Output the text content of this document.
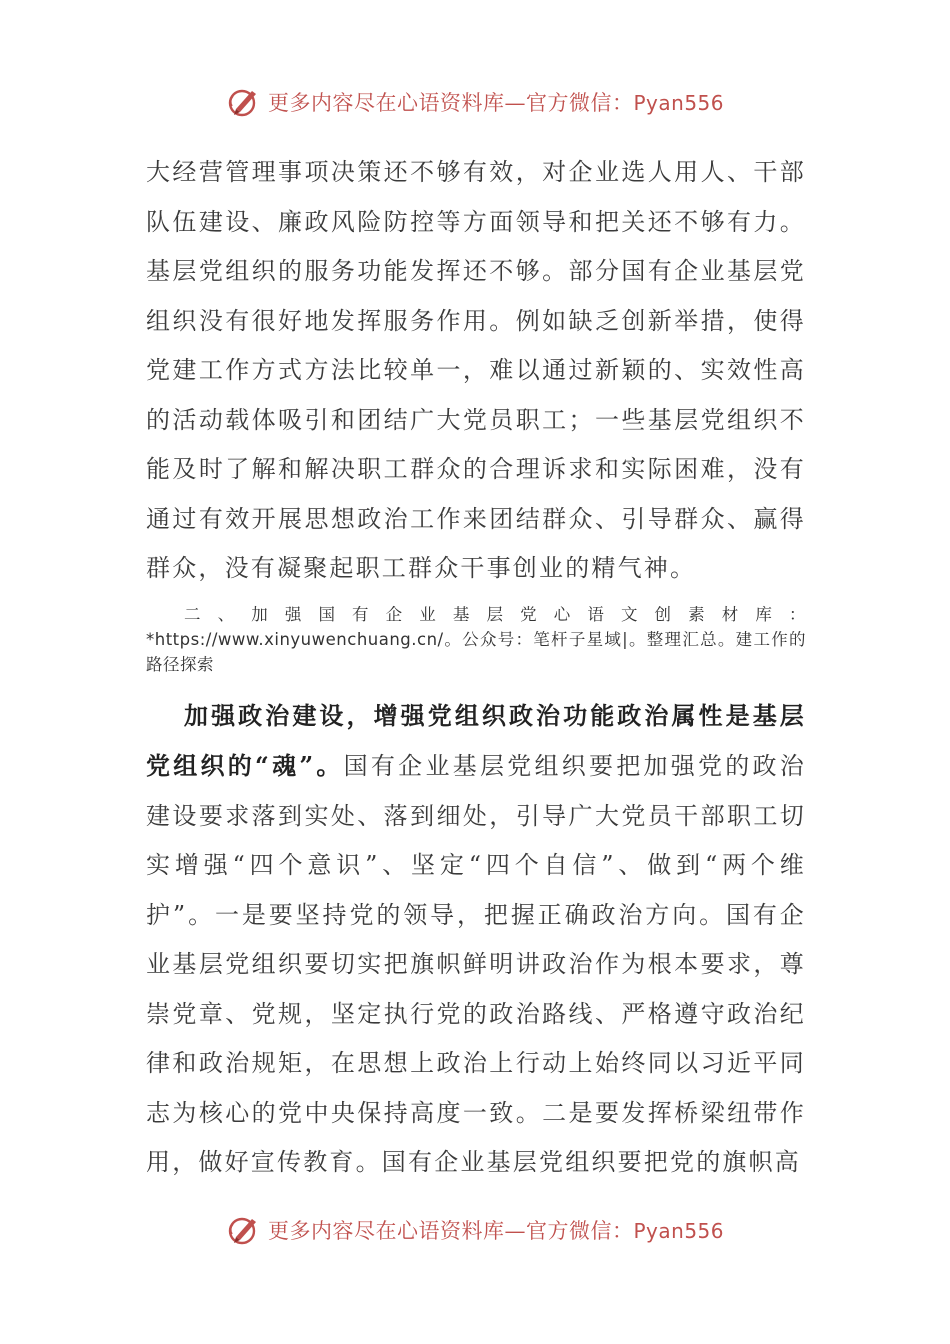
更多内容尽在心语资料库—官方微信：Pyan556

大经营管理事项决策还不够有效，对企业选人用人、干部队伍建设、廉政风险防控等方面领导和把关还不够有力。基层党组织的服务功能发挥还不够。部分国有企业基层党组织没有很好地发挥服务作用。例如缺乏创新举措，使得党建工作方式方法比较单一，难以通过新颖的、实效性高的活动载体吸引和团结广大党员职工；一些基层党组织不能及时了解和解决职工群众的合理诉求和实际困难，没有通过有效开展思想政治工作来团结群众、引导群众、赢得群众，没有凝聚起职工群众干事创业的精气神。

二、加强国有企业基层党心语文创素材库：*https://www.xinyuwenchuang.cn/。公众号：笔杆子星域|。整理汇总。建工作的路径探索

加强政治建设，增强党组织政治功能政治属性是基层党组织的“魂”。国有企业基层党组织要把加强党的政治建设要求落到实处、落到细处，引导广大党员干部职工切实增强“四个意识”、坚定“四个自信”、做到“两个维护”。一是要坚持党的领导，把握正确政治方向。国有企业基层党组织要切实把旗帜鲜明讲政治作为根本要求，尊崇党章、党规，坚定执行党的政治路线、严格遵守政治纪律和政治规矩，在思想上政治上行动上始终同以习近平同志为核心的党中央保持高度一致。二是要发挥桥梁纽带作用，做好宣传教育。国有企业基层党组织要把党的旗帜高

更多内容尽在心语资料库—官方微信：Pyan556
